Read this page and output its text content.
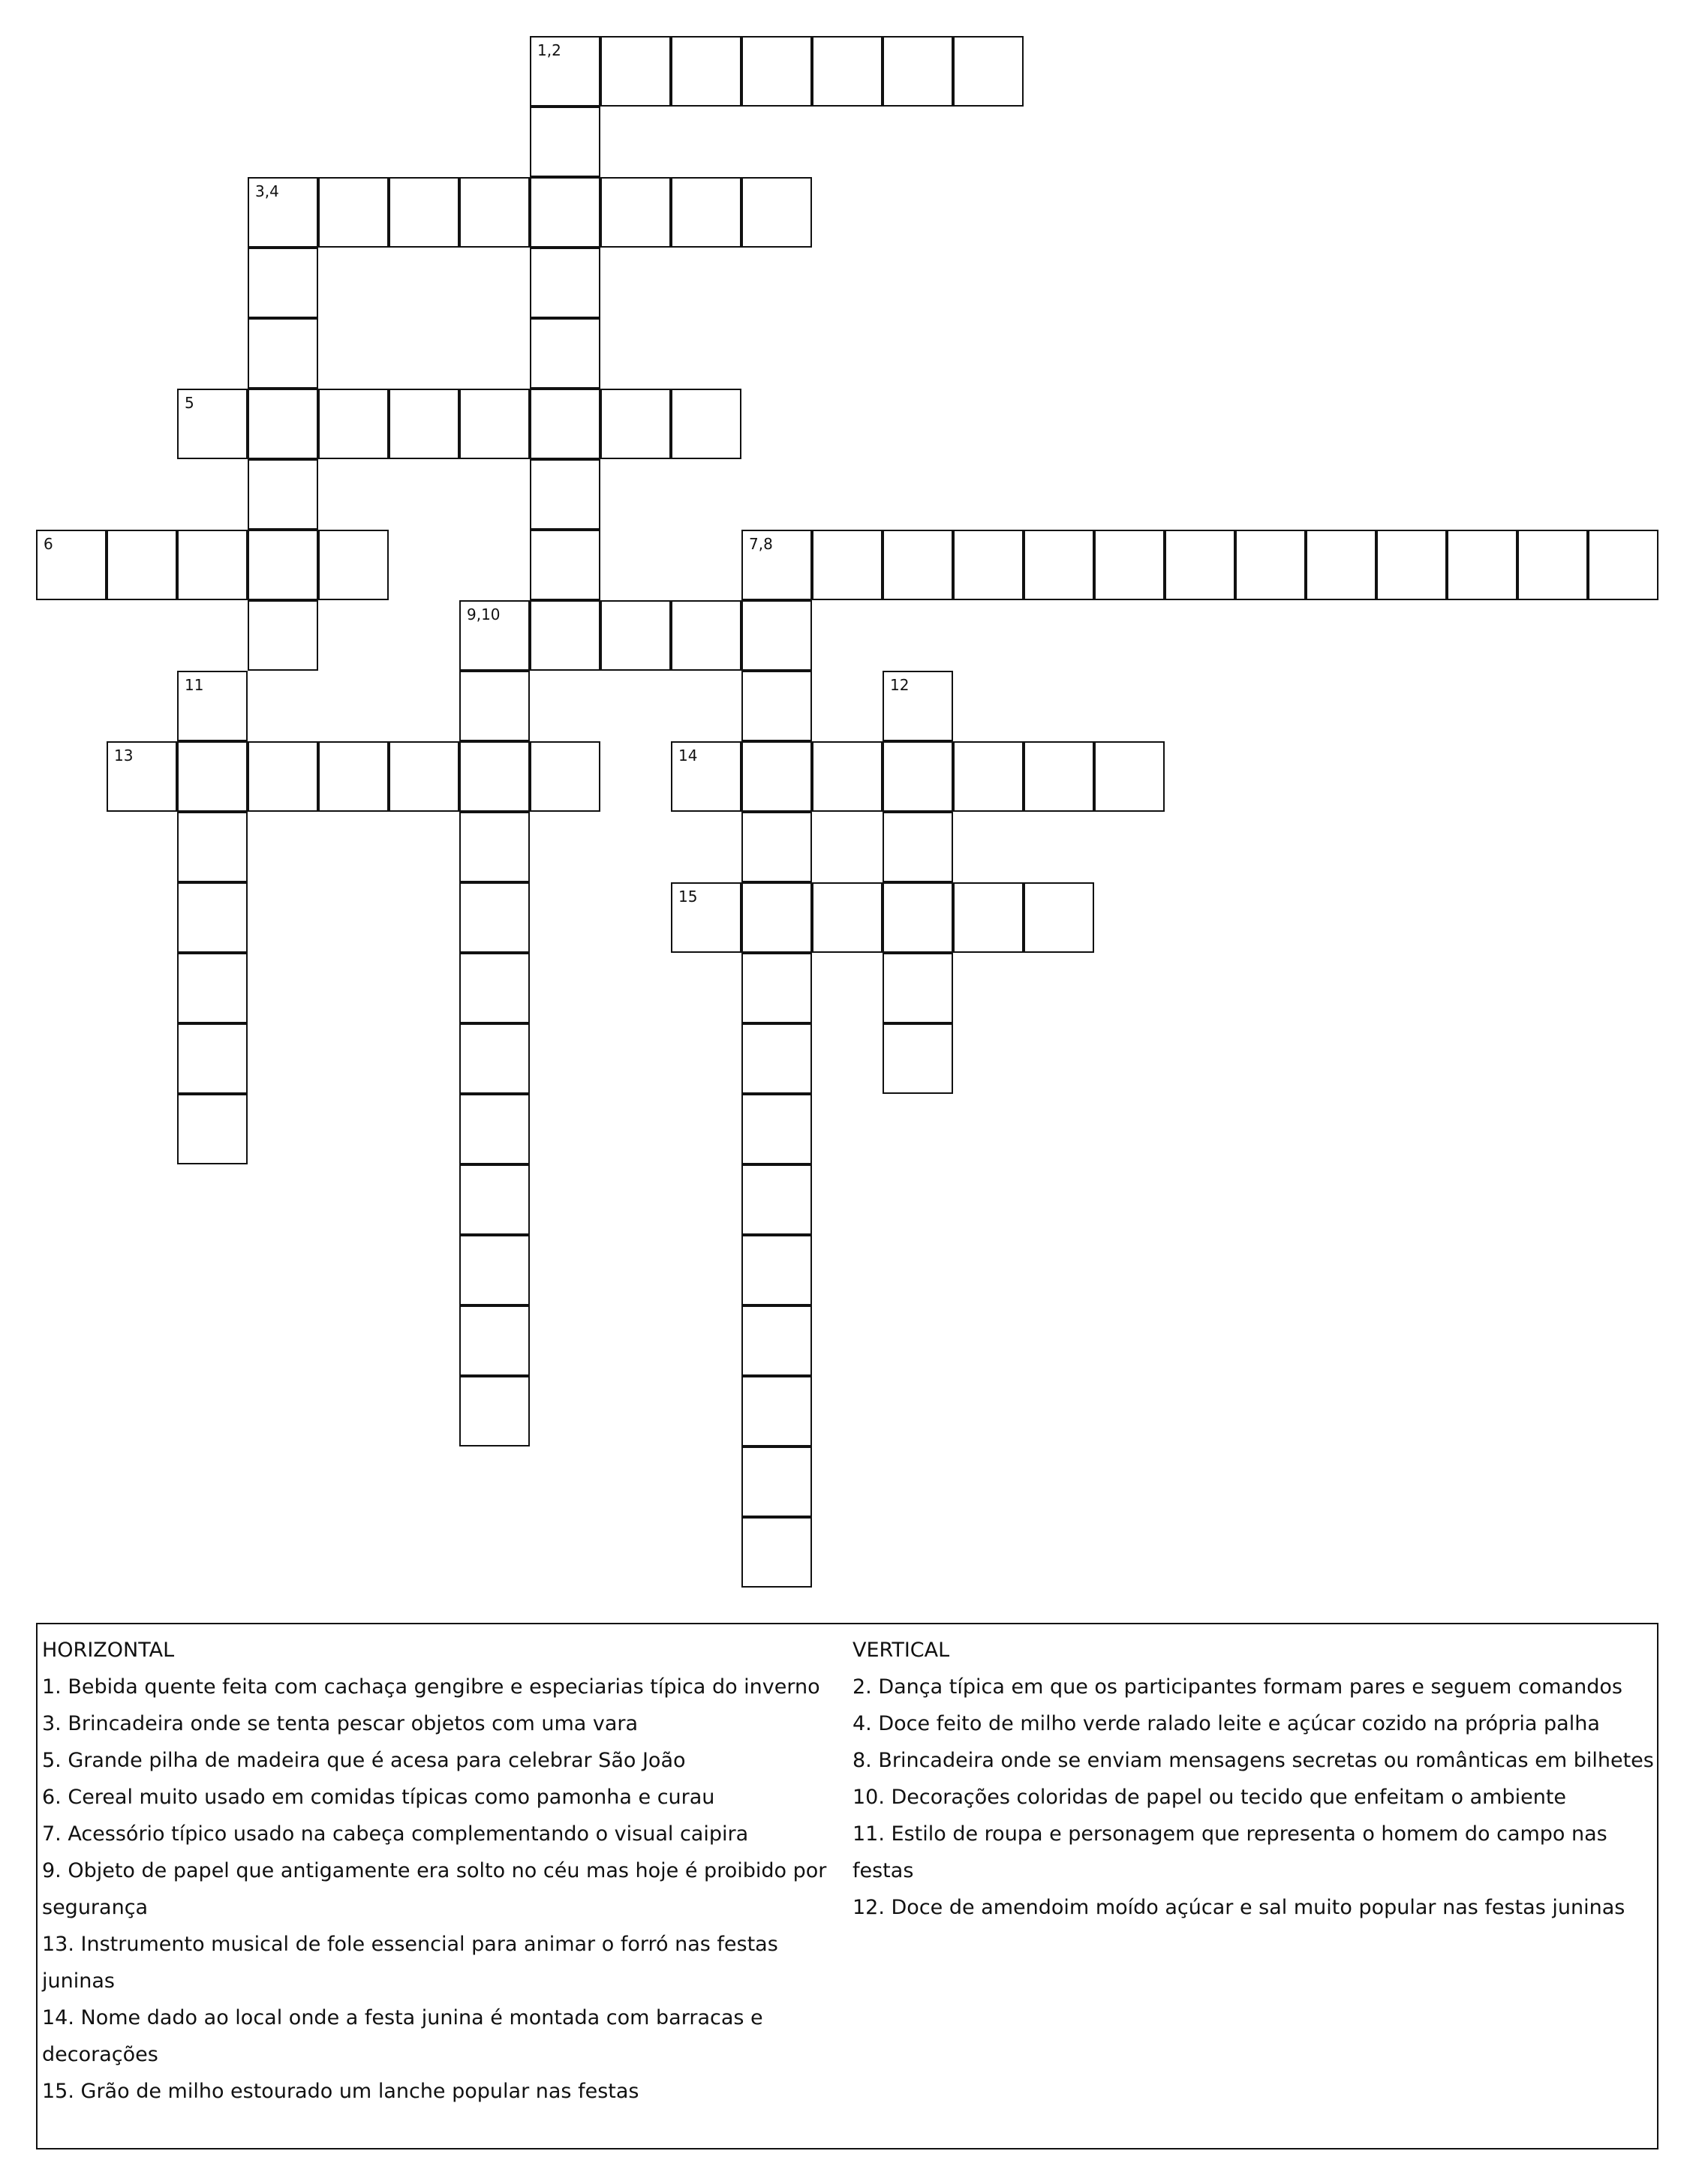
1,2
13	14
15
3,4
5
6	7,8
9,10
12
11

HORIZONTAL

1. Bebida quente feita com cachaça gengibre e especiarias típica do inverno

3. Brincadeira onde se tenta pescar objetos com uma vara

5. Grande pilha de madeira que é acesa para celebrar São João

6. Cereal muito usado em comidas típicas como pamonha e curau

7. Acessório típico usado na cabeça complementando o visual caipira

9. Objeto de papel que antigamente era solto no céu mas hoje é proibido por segurança

13. Instrumento musical de fole essencial para animar o forró nas festas juninas

14. Nome dado ao local onde a festa junina é montada com barracas e decorações

15. Grão de milho estourado um lanche popular nas festas

VERTICAL

2. Dança típica em que os participantes formam pares e seguem comandos

4. Doce feito de milho verde ralado leite e açúcar cozido na própria palha

8. Brincadeira onde se enviam mensagens secretas ou românticas em bilhetes

10. Decorações coloridas de papel ou tecido que enfeitam o ambiente

11. Estilo de roupa e personagem que representa o homem do campo nas festas

12. Doce de amendoim moído açúcar e sal muito popular nas festas juninas
